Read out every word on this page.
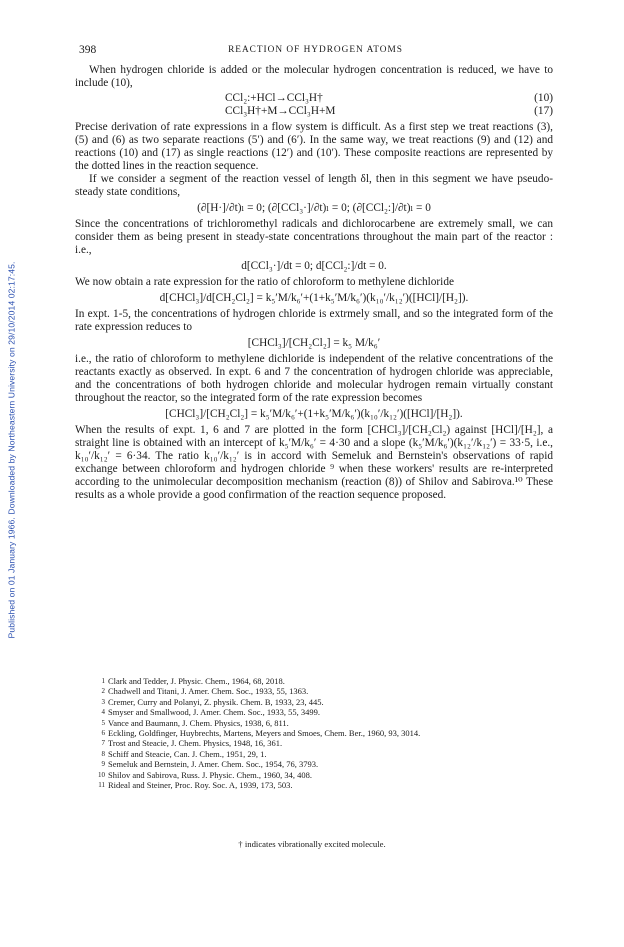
Published on 01 January 1966. Downloaded by Northeastern University on 29/10/2014 02:17:45.
398	REACTION OF HYDROGEN ATOMS

When hydrogen chloride is added or the molecular hydrogen concentration is reduced, we have to include (10),

CCl₂:+HCl→CCl₃H†	(10)
CCl₃H†+M→CCl₃H+M	(17)

Precise derivation of rate expressions in a flow system is difficult. As a first step we treat reactions (3), (5) and (6) as two separate reactions (5′) and (6′). In the same way, we treat reactions (9) and (12) and reactions (10) and (17) as single reactions (12′) and (10′). These composite reactions are represented by the dotted lines in the reaction sequence.

If we consider a segment of the reaction vessel of length δl, then in this segment we have pseudo-steady state conditions,

(∂[H·]/∂t)ₗ = 0; (∂[CCl₃·]/∂t)ₗ = 0; (∂[CCl₂:]/∂t)ₗ = 0

Since the concentrations of trichloromethyl radicals and dichlorocarbene are extremely small, we can consider them as being present in steady-state concentrations throughout the main part of the reactor : i.e.,

d[CCl₃·]/dt = 0; d[CCl₂:]/dt = 0.

We now obtain a rate expression for the ratio of chloroform to methylene dichloride

d[CHCl₃]/d[CH₂Cl₂] = k₅′M/k₆′+(1+k₅′M/k₆′)(k₁₀′/k₁₂′)([HCl]/[H₂]).

In expt. 1-5, the concentrations of hydrogen chloride is extrmely small, and so the integrated form of the rate expression reduces to

[CHCl₃]/[CH₂Cl₂] = k₅ M/k₆′

i.e., the ratio of chloroform to methylene dichloride is independent of the relative concentrations of the reactants exactly as observed. In expt. 6 and 7 the concentration of hydrogen chloride was appreciable, and the concentrations of both hydrogen chloride and molecular hydrogen remain virtually constant throughout the reactor, so the integrated form of the rate expression becomes

[CHCl₃]/[CH₂Cl₂] = k₅′M/k₆′+(1+k₅′M/k₆′)(k₁₀′/k₁₂′)([HCl]/[H₂]).

When the results of expt. 1, 6 and 7 are plotted in the form [CHCl₃]/[CH₂Cl₂) against [HCl]/[H₂], a straight line is obtained with an intercept of k₅′M/k₆′ = 4·30 and a slope (k₅′M/k₆′)(k₁₂′/k₁₂′) = 33·5, i.e., k₁₀′/k₁₂′ = 6·34. The ratio k₁₀′/k₁₂′ is in accord with Semeluk and Bernstein's observations of rapid exchange between chloroform and hydrogen chloride ⁹ when these workers' results are re-interpreted according to the unimolecular decomposition mechanism (reaction (8)) of Shilov and Sabirova.¹⁰ These results as a whole provide a good confirmation of the reaction sequence proposed.

1 Clark and Tedder, J. Physic. Chem., 1964, 68, 2018.
2 Chadwell and Titani, J. Amer. Chem. Soc., 1933, 55, 1363.
3 Cremer, Curry and Polanyi, Z. physik. Chem. B, 1933, 23, 445.
4 Smyser and Smallwood, J. Amer. Chem. Soc., 1933, 55, 3499.
5 Vance and Baumann, J. Chem. Physics, 1938, 6, 811.
6 Eckling, Goldfinger, Huybrechts, Martens, Meyers and Smoes, Chem. Ber., 1960, 93, 3014.
7 Trost and Steacie, J. Chem. Physics, 1948, 16, 361.
8 Schiff and Steacie, Can. J. Chem., 1951, 29, 1.
9 Semeluk and Bernstein, J. Amer. Chem. Soc., 1954, 76, 3793.
10 Shilov and Sabirova, Russ. J. Physic. Chem., 1960, 34, 408.
11 Rideal and Steiner, Proc. Roy. Soc. A, 1939, 173, 503.
† indicates vibrationally excited molecule.
